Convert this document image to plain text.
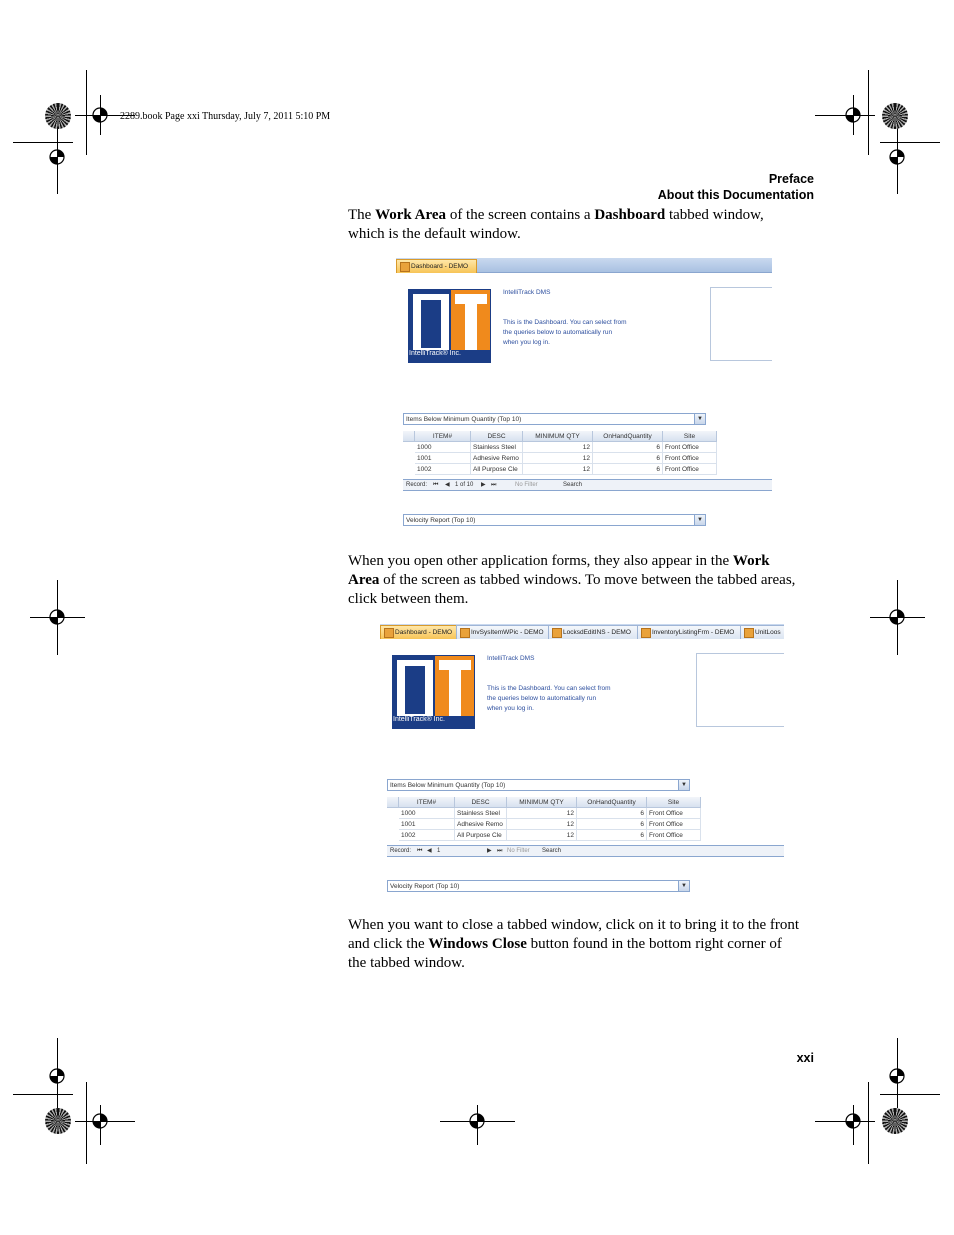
2289.book Page xxi Thursday, July 7, 2011 5:10 PM
Preface
About this Documentation
The Work Area of the screen contains a Dashboard tabbed window,
which is the default window.
When you open other application forms, they also appear in the Work
Area of the screen as tabbed windows. To move between the tabbed areas,
click between them.
When you want to close a tabbed window, click on it to bring it to the front
and click the Windows Close button found in the bottom right corner of
the tabbed window.
xxi
Dashboard - DEMO
IntelliTrack® Inc.
IntelliTrack DMS
This is the Dashboard. You can select from
the queries below to automatically run
when you log in.
Items Below Minimum Quantity (Top 10)	▼
ITEM#	DESC	MINIMUM QTY	OnHandQuantity	Site
1000	Stainless Steel	12	6 Front Office
1001	Adhesive Remo	12	6 Front Office
1002	All Purpose Cle	12	6 Front Office
Record: ⏮ ◀ 1 of 10 ▶ ⏭	No Filter	Search
Velocity Report (Top 10)	▼
Dashboard - DEMO	InvSysItemWPic - DEMO	LocksdEditINS - DEMO	InventoryListingFrm - DEMO	UnitLoos
IntelliTrack® Inc.
IntelliTrack DMS
This is the Dashboard. You can select from
the queries below to automatically run
when you log in.
Items Below Minimum Quantity (Top 10)	▼
ITEM#	DESC	MINIMUM QTY	OnHandQuantity	Site
1000	Stainless Steel	12	6 Front Office
1001	Adhesive Remo	12	6 Front Office
1002	All Purpose Cle	12	6 Front Office
Record: ⏮ ◀ 1	▶ ⏭ No Filter Search
Velocity Report (Top 10)	▼
